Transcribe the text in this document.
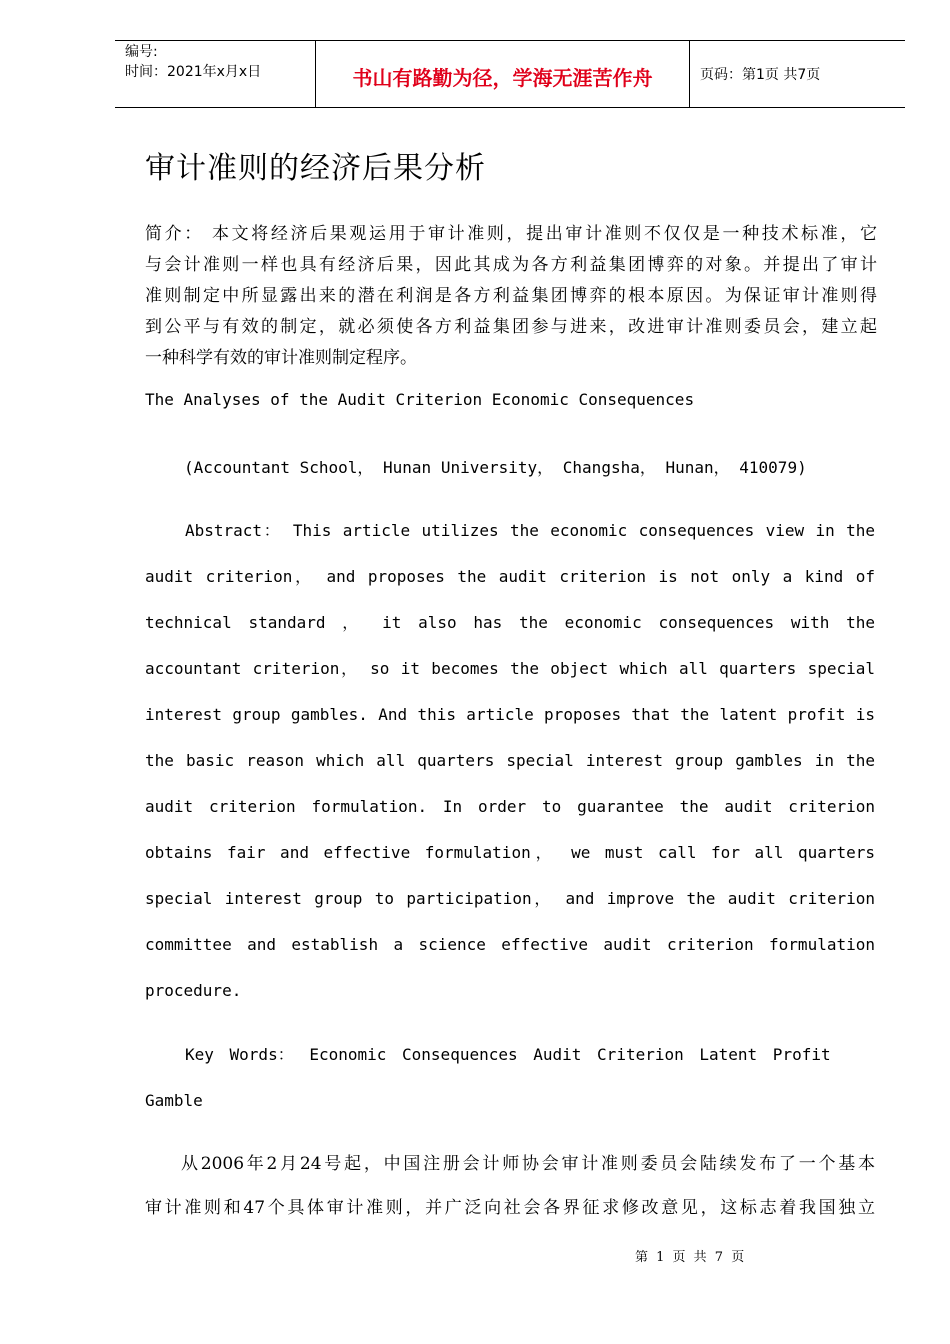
编号:
时间：2021年x月x日	书山有路勤为径，学海无涯苦作舟	页码：第1页 共7页
审计准则的经济后果分析
简介： 本文将经济后果观运用于审计准则，提出审计准则不仅仅是一种技术标准，它
与会计准则一样也具有经济后果，因此其成为各方利益集团博弈的对象。并提出了审计
准则制定中所显露出来的潜在利润是各方利益集团博弈的根本原因。为保证审计准则得
到公平与有效的制定，就必须使各方利益集团参与进来，改进审计准则委员会，建立起
一种科学有效的审计准则制定程序。
The Analyses of the Audit Criterion Economic Consequences
(Accountant School， Hunan University， Changsha， Hunan， 410079)
Abstract： This article utilizes the economic consequences view in the
audit criterion， and proposes the audit criterion is not only a kind of
technical standard ， it also has the economic consequences with the
accountant criterion， so it becomes the object which all quarters special
interest group gambles. And this article proposes that the latent profit is
the basic reason which all quarters special interest group gambles in the
audit criterion formulation. In order to guarantee the audit criterion
obtains fair and effective formulation， we must call for all quarters
special interest group to participation， and improve the audit criterion
committee and establish a science effective audit criterion formulation
procedure.
Key Words： Economic Consequences Audit Criterion Latent Profit
Gamble
从2006年2月24号起，中国注册会计师协会审计准则委员会陆续发布了一个基本
审计准则和47个具体审计准则，并广泛向社会各界征求修改意见，这标志着我国独立
第 1 页 共 7 页
